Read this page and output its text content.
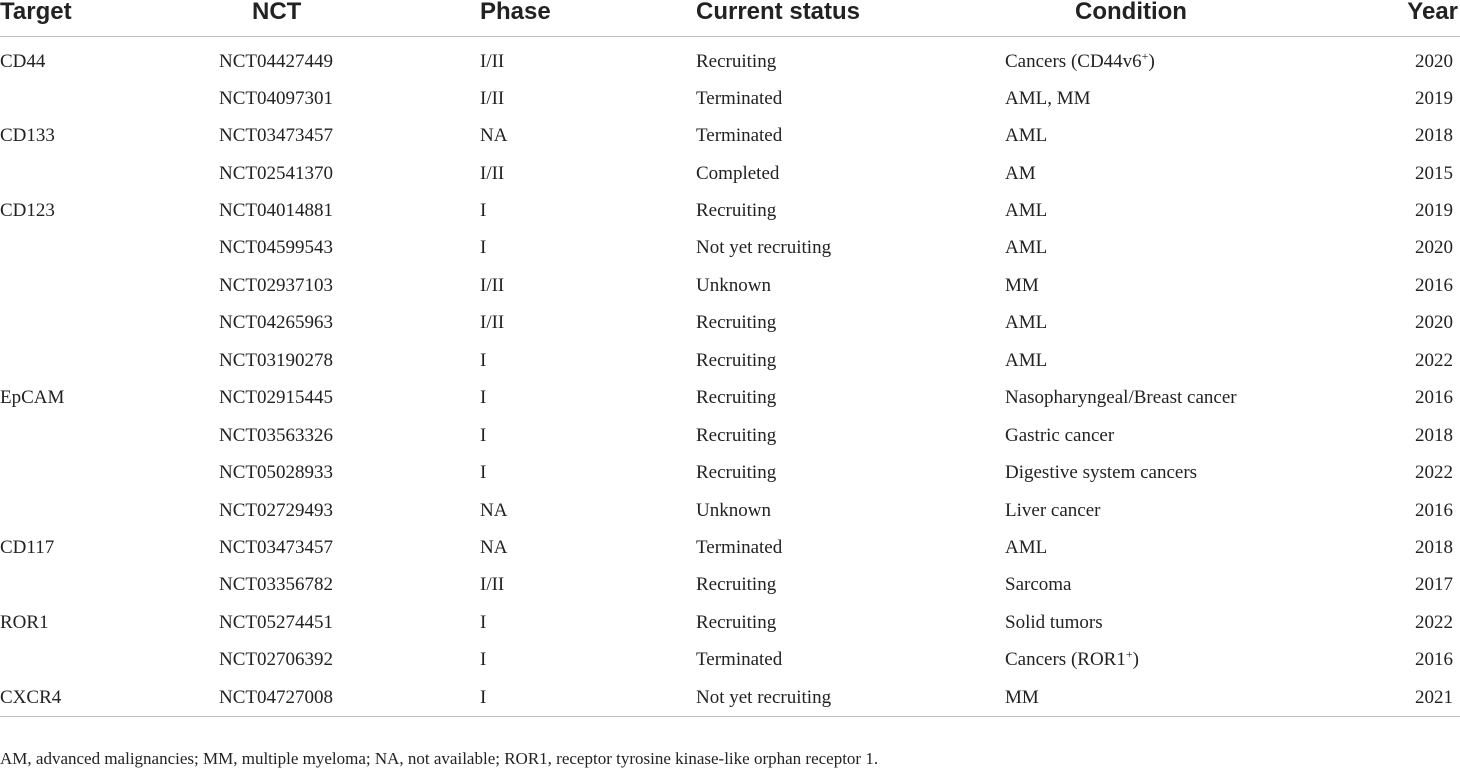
Target	NCT	Phase	Current status	Condition	Year
CD44	NCT04427449	I/II	Recruiting	Cancers (CD44v6+)	2020
	NCT04097301	I/II	Terminated	AML, MM	2019
CD133	NCT03473457	NA	Terminated	AML	2018
	NCT02541370	I/II	Completed	AM	2015
CD123	NCT04014881	I	Recruiting	AML	2019
	NCT04599543	I	Not yet recruiting	AML	2020
	NCT02937103	I/II	Unknown	MM	2016
	NCT04265963	I/II	Recruiting	AML	2020
	NCT03190278	I	Recruiting	AML	2022
EpCAM	NCT02915445	I	Recruiting	Nasopharyngeal/Breast cancer	2016
	NCT03563326	I	Recruiting	Gastric cancer	2018
	NCT05028933	I	Recruiting	Digestive system cancers	2022
	NCT02729493	NA	Unknown	Liver cancer	2016
CD117	NCT03473457	NA	Terminated	AML	2018
	NCT03356782	I/II	Recruiting	Sarcoma	2017
ROR1	NCT05274451	I	Recruiting	Solid tumors	2022
	NCT02706392	I	Terminated	Cancers (ROR1+)	2016
CXCR4	NCT04727008	I	Not yet recruiting	MM	2021
AM, advanced malignancies; MM, multiple myeloma; NA, not available; ROR1, receptor tyrosine kinase-like orphan receptor 1.
